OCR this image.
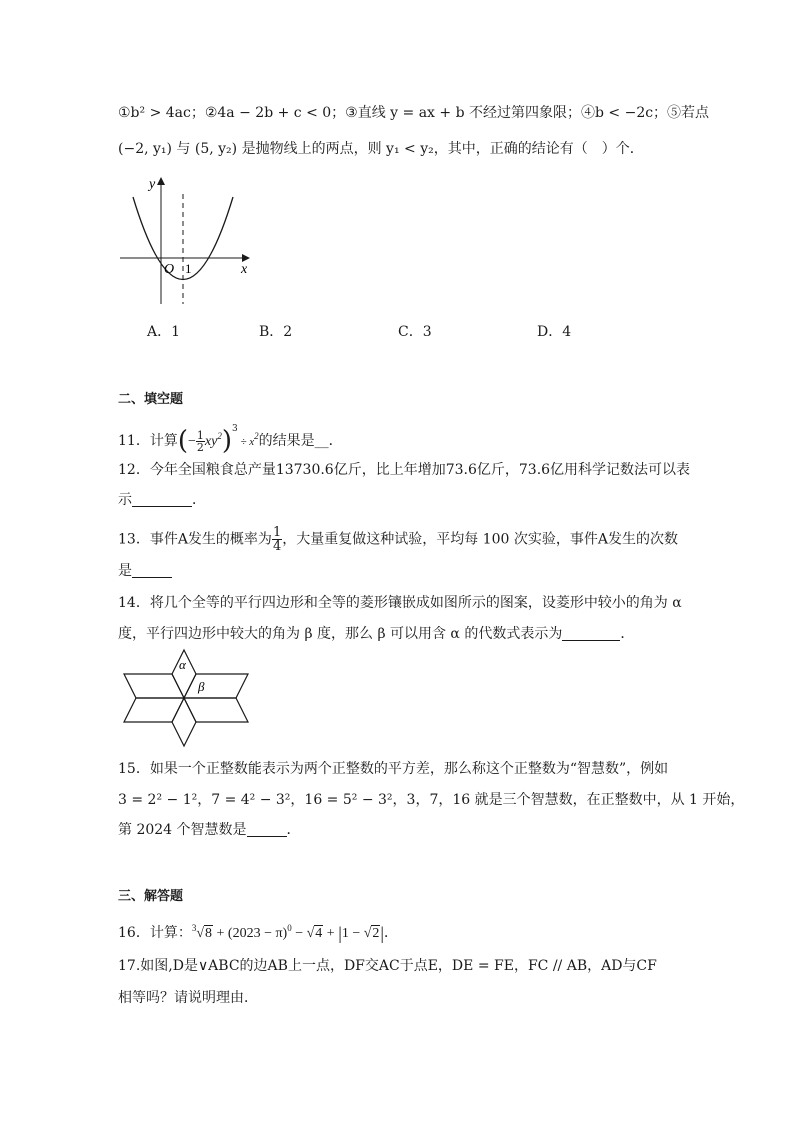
①b² > 4ac；②4a − 2b + c < 0；③直线 y = ax + b 不经过第四象限；④b < −2c；⑤若点
(−2, y₁) 与 (5, y₂) 是抛物线上的两点，则 y₁ < y₂，其中，正确的结论有（　）个．
y
x
O 1
A．1	B．2	C．3	D．4
二、填空题
11．计算(− $\frac{1}{2} xy^2)^3 \div x^2$的结果是__．
12．今年全国粮食总产量13730.6亿斤，比上年增加73.6亿斤，73.6亿用科学记数法可以表
示	．
13．事件A发生的概率为 $\frac{1}{4}$ ，大量重复做这种试验，平均每 100 次实验，事件A发生的次数
是
14．将几个全等的平行四边形和全等的菱形镶嵌成如图所示的图案，设菱形中较小的角为 α
度，平行四边形中较大的角为 β 度，那么 β 可以用含 α 的代数式表示为	．
α
β
15．如果一个正整数能表示为两个正整数的平方差，那么称这个正整数为“智慧数”，例如
3 = 2² − 1²，7 = 4² − 3²，16 = 5² − 3²，3，7，16 就是三个智慧数，在正整数中，从 1 开始，
第 2024 个智慧数是	．
三、解答题
16．计算：$^3√8 + (2023 - \pi)^0 - √4 + |1 - √2|$．
17.如图,D是∨ABC的边AB上一点，DF交AC于点E，DE = FE，FC // AB，AD与CF
相等吗？请说明理由．
